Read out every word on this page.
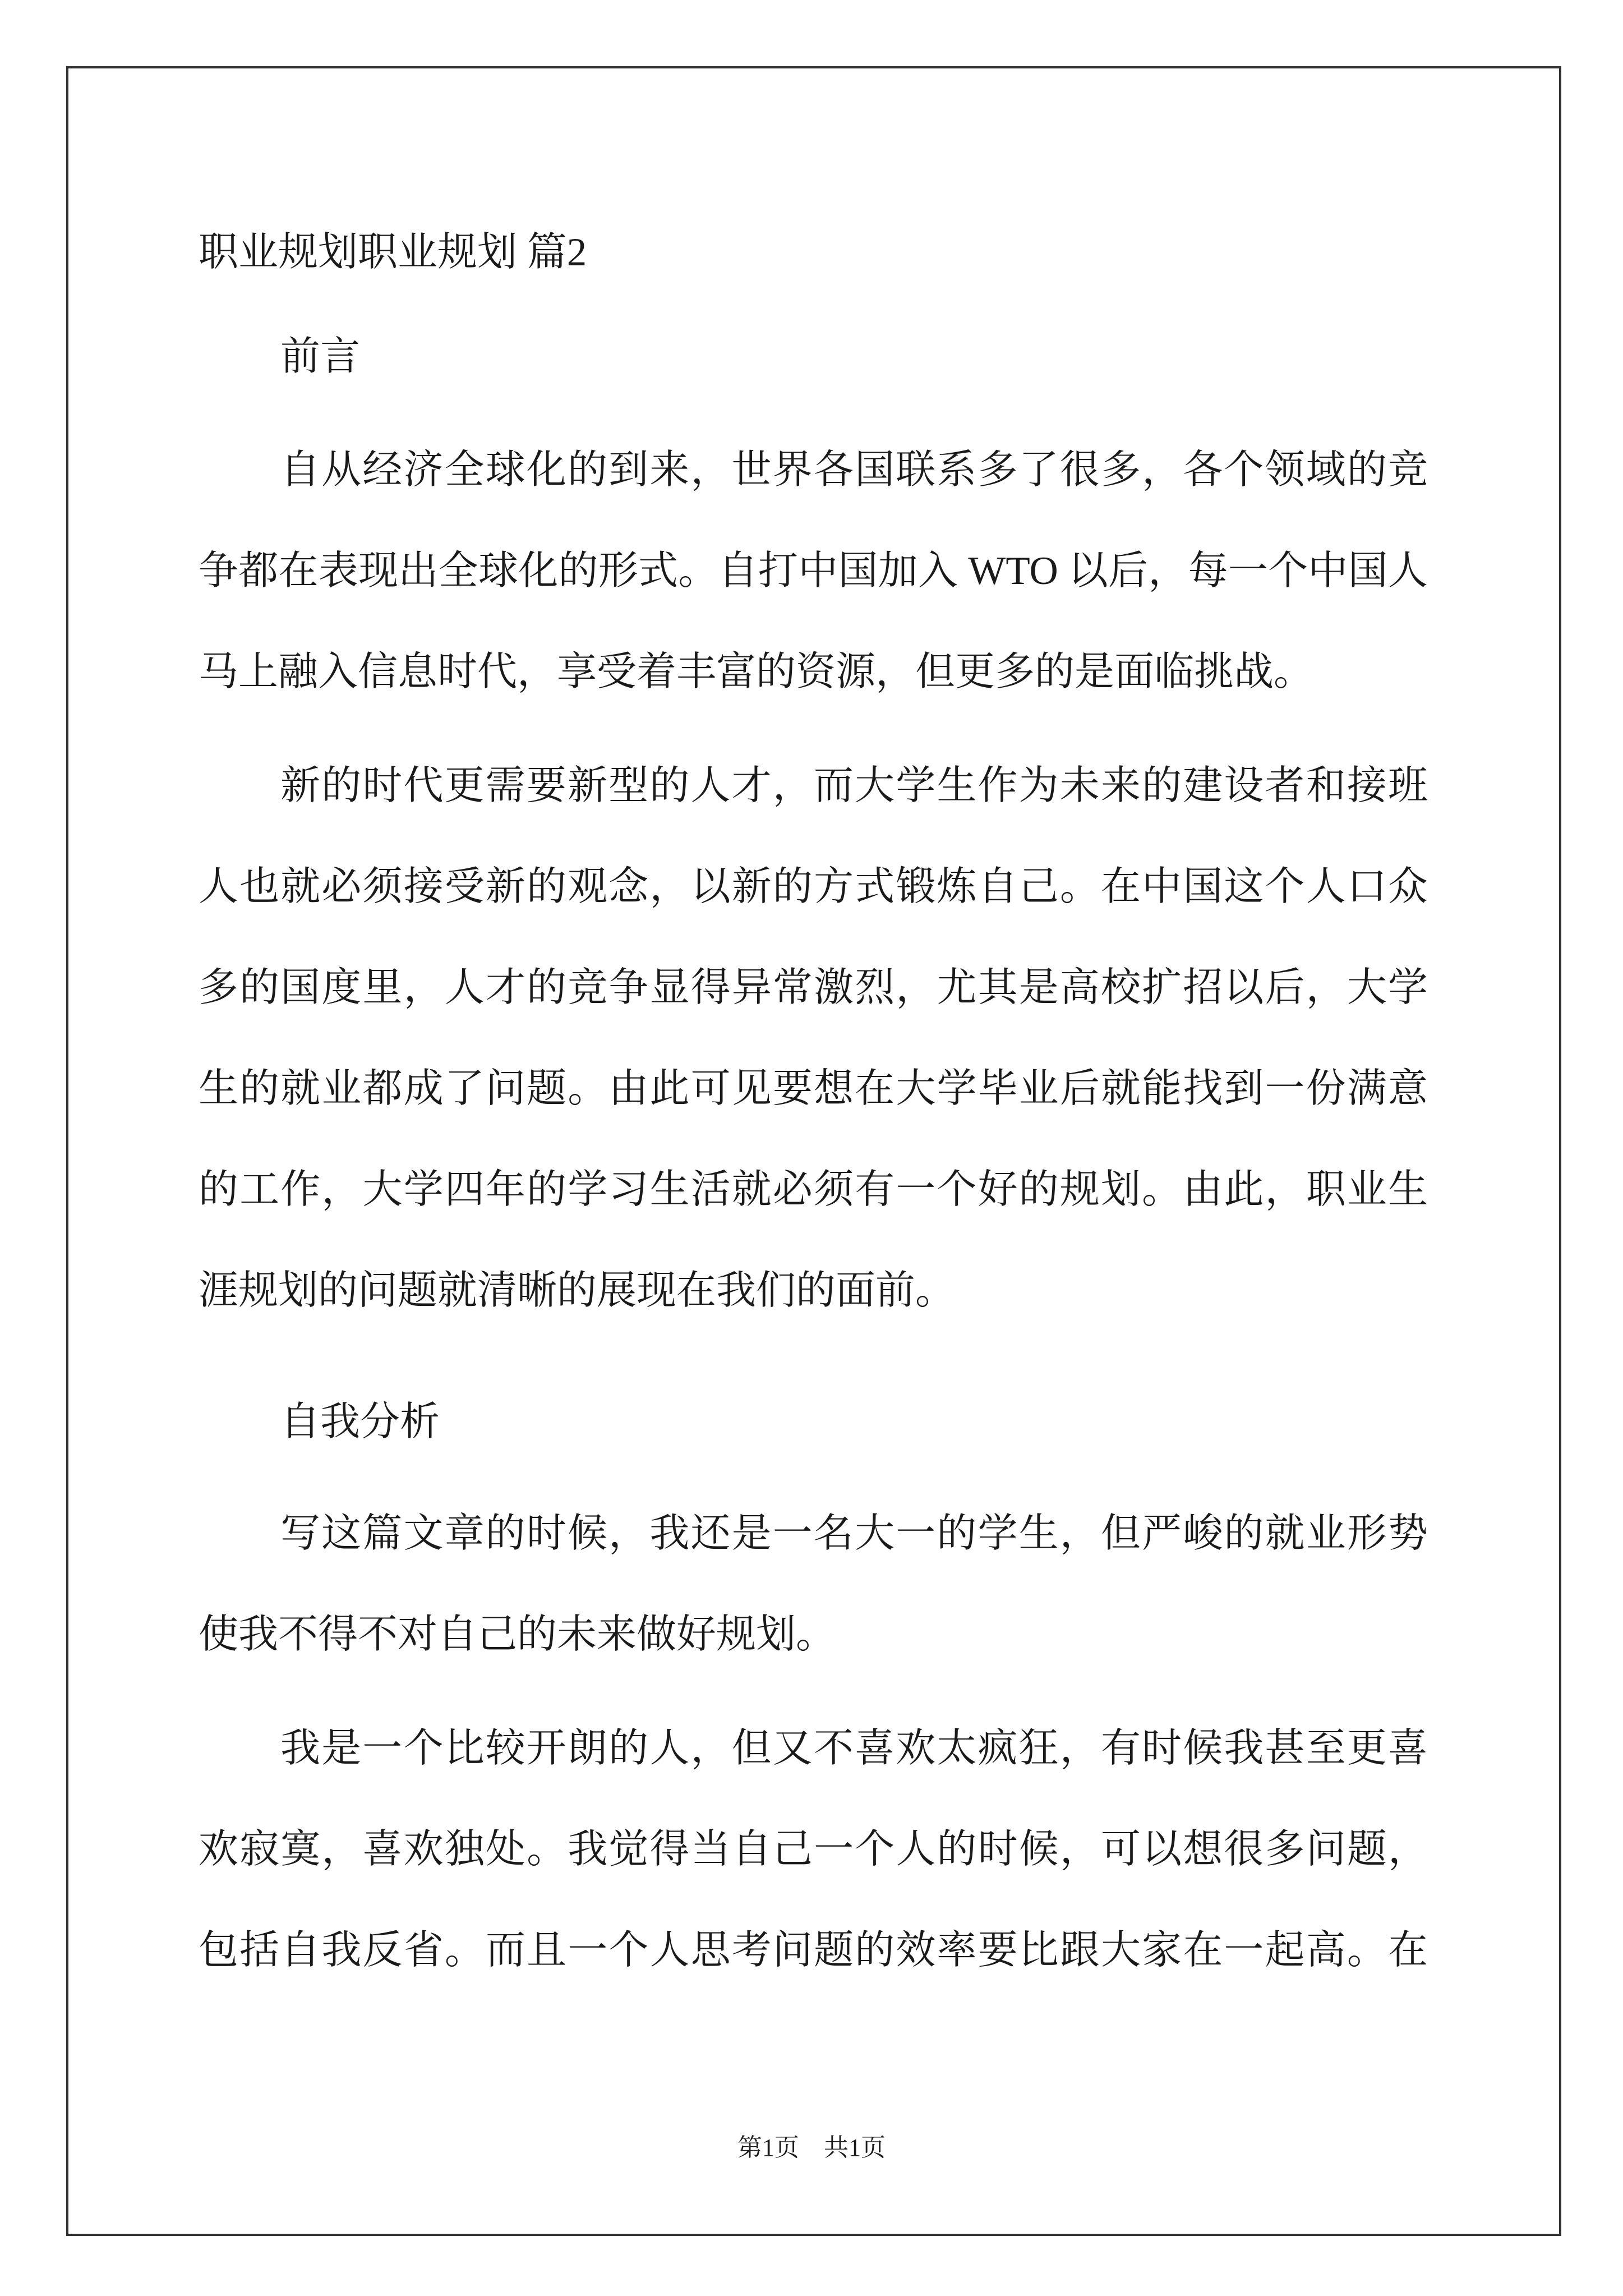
职业规划职业规划 篇2
前言
自从经济全球化的到来，世界各国联系多了很多，各个领域的竞
争都在表现出全球化的形式。自打中国加入 WTO 以后，每一个中国人
马上融入信息时代，享受着丰富的资源，但更多的是面临挑战。
新的时代更需要新型的人才，而大学生作为未来的建设者和接班
人也就必须接受新的观念，以新的方式锻炼自己。在中国这个人口众
多的国度里，人才的竞争显得异常激烈，尤其是高校扩招以后，大学
生的就业都成了问题。由此可见要想在大学毕业后就能找到一份满意
的工作，大学四年的学习生活就必须有一个好的规划。由此，职业生
涯规划的问题就清晰的展现在我们的面前。
自我分析
写这篇文章的时候，我还是一名大一的学生，但严峻的就业形势
使我不得不对自己的未来做好规划。
我是一个比较开朗的人，但又不喜欢太疯狂，有时候我甚至更喜
欢寂寞，喜欢独处。我觉得当自己一个人的时候，可以想很多问题，
包括自我反省。而且一个人思考问题的效率要比跟大家在一起高。在
第1页 共1页
